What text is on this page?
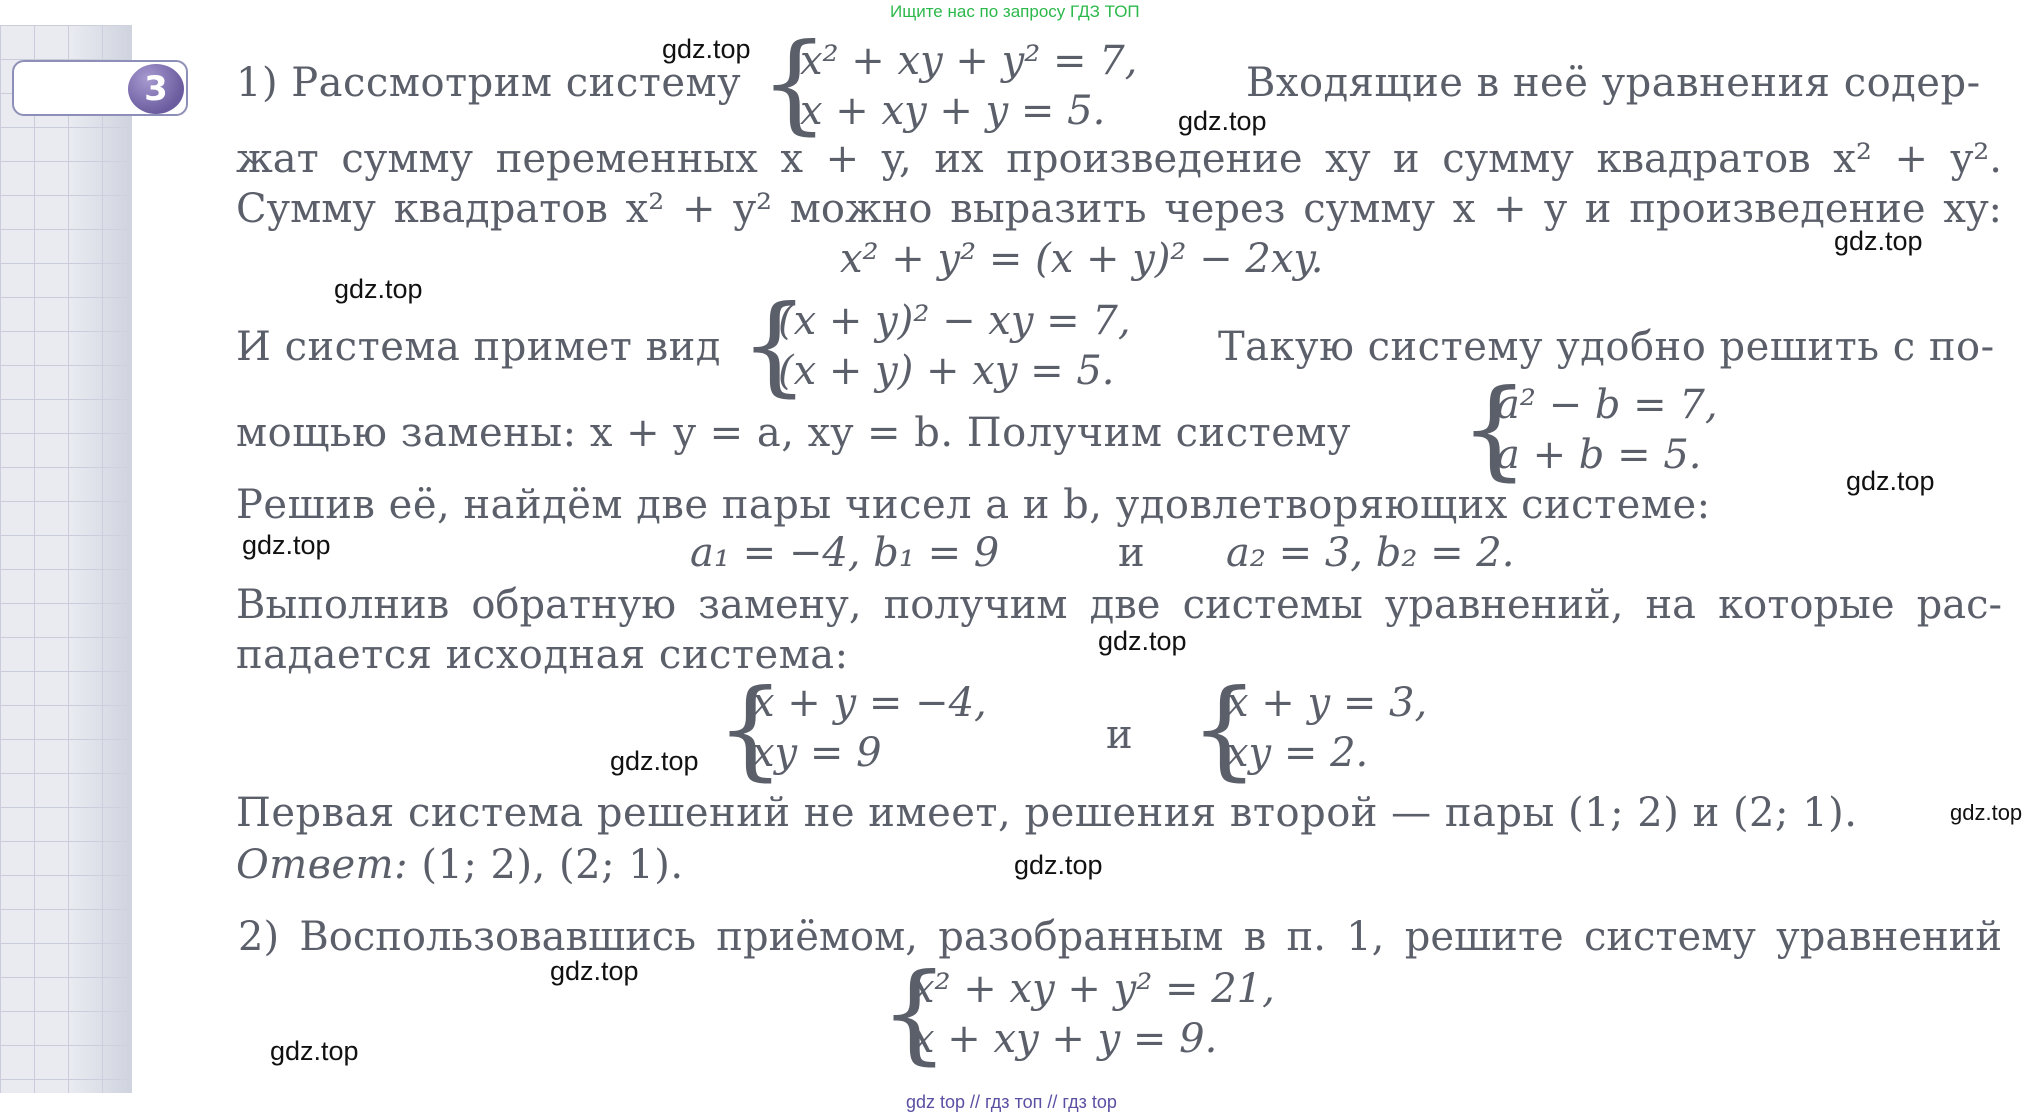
Ищите нас по запросу ГДЗ ТОП
3	1) Рассмотрим систему {
x² + xy + y² = 7,
x + xy + y = 5.
Входящие в неё уравнения содер-
жат сумму переменных x + y, их произведение xy и сумму квадратов x² + y².
Сумму квадратов x² + y² можно выразить через сумму x + y и произведение xy:
x² + y² = (x + y)² − 2xy.
И система примет вид {
(x + y)² − xy = 7,
(x + y) + xy = 5.
Такую систему удобно решить с по-
мощью замены: x + y = a, xy = b. Получим систему {
a² − b = 7,
a + b = 5.
Решив её, найдём две пары чисел a и b, удовлетворяющих системе:
a₁ = −4, b₁ = 9	и a₂ = 3, b₂ = 2.
Выполнив обратную замену, получим две системы уравнений, на которые рас-
падается исходная система:
{
x + y = −4,
xy = 9	и {
x + y = 3,
xy = 2.
Первая система решений не имеет, решения второй — пары (1; 2) и (2; 1).
Ответ: (1; 2), (2; 1).
2) Воспользовавшись приёмом, разобранным в п. 1, решите систему уравнений
{
x² + xy + y² = 21,
x + xy + y = 9.
gdz.top
gdz.top
gdz.top
gdz.top
gdz.top
gdz.top
gdz.top
gdz.top
gdz.top
gdz.top
gdz.top
gdz.top
gdz top // гдз топ // гдз top
